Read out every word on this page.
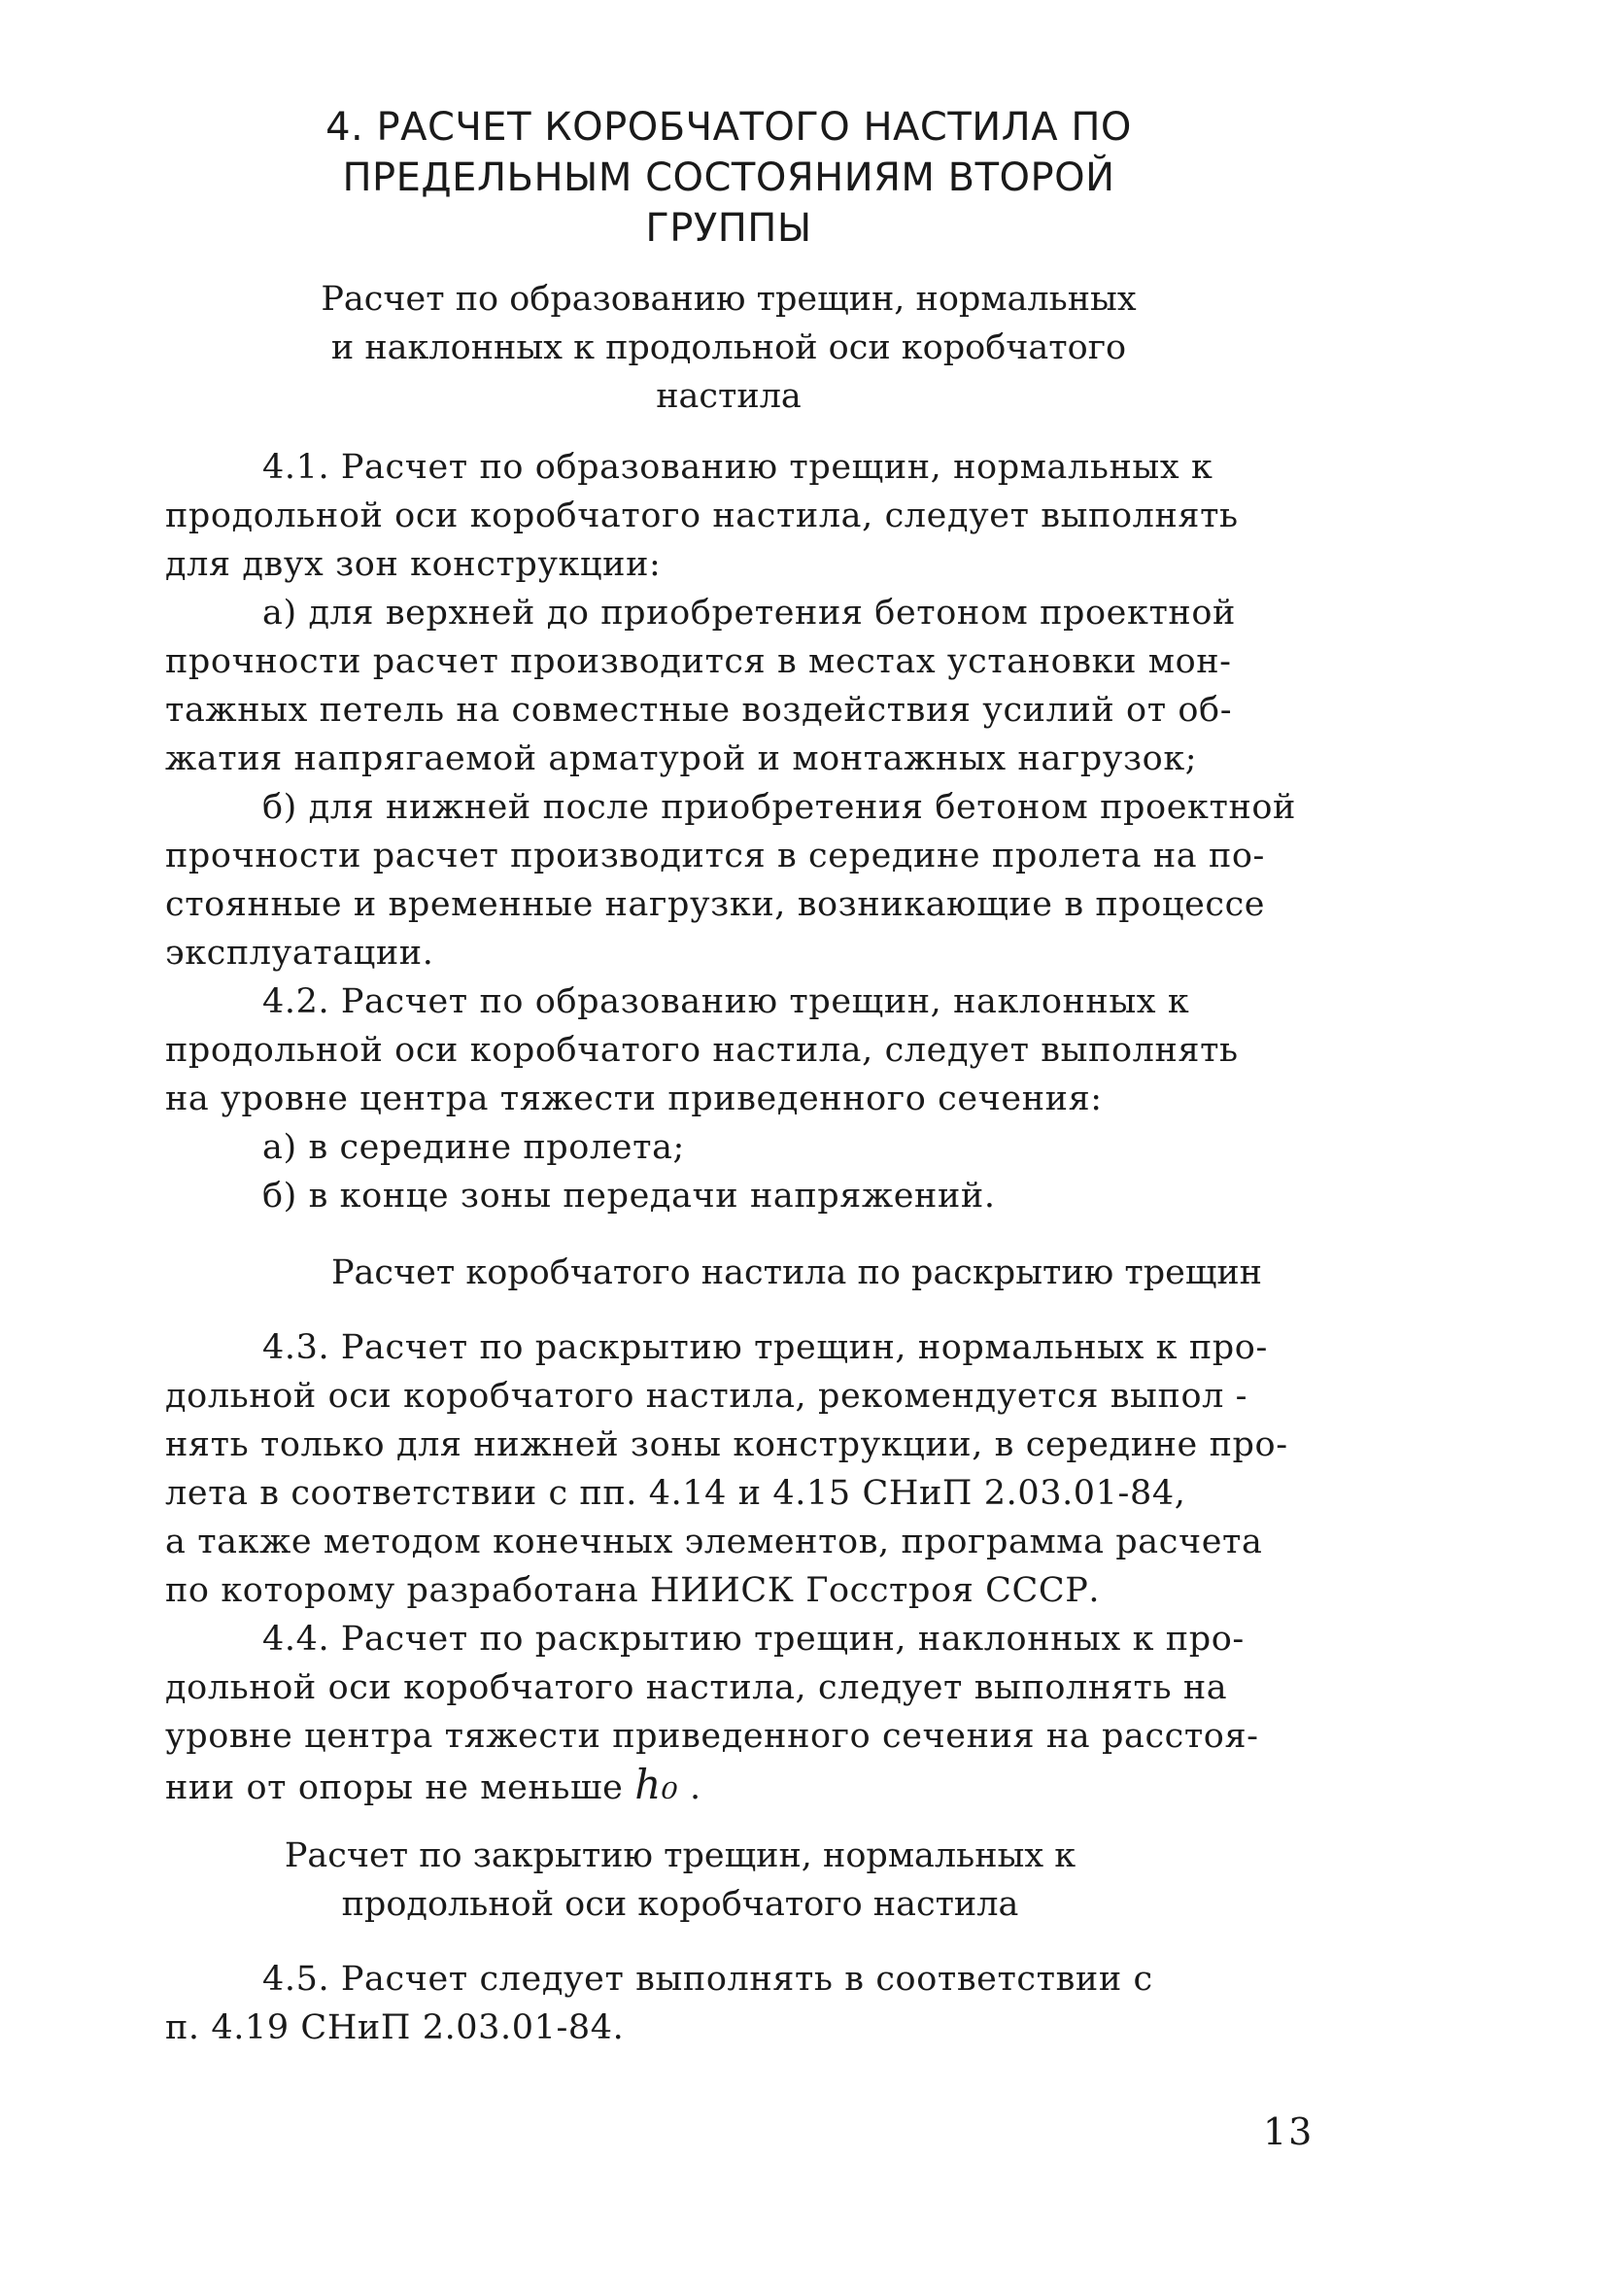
4. РАСЧЕТ КОРОБЧАТОГО НАСТИЛА ПО
ПРЕДЕЛЬНЫМ СОСТОЯНИЯМ ВТОРОЙ
ГРУППЫ
Расчет по образованию трещин, нормальных
и наклонных к продольной оси коробчатого
настила
4.1. Расчет по образованию трещин, нормальных к
продольной оси коробчатого настила, следует выполнять
для двух зон конструкции:
а) для верхней до приобретения бетоном проектной
прочности расчет производится в местах установки мон-
тажных петель на совместные воздействия усилий от об-
жатия напрягаемой арматурой и монтажных нагрузок;
б) для нижней после приобретения бетоном проектной
прочности расчет производится в середине пролета на по-
стоянные и временные нагрузки, возникающие в процессе
эксплуатации.
4.2. Расчет по образованию трещин, наклонных к
продольной оси коробчатого настила, следует выполнять
на уровне центра тяжести приведенного сечения:
а) в середине пролета;
б) в конце зоны передачи напряжений.
Расчет коробчатого настила по раскрытию трещин
4.3. Расчет по раскрытию трещин, нормальных к про-
дольной оси коробчатого настила, рекомендуется выпол -
нять только для нижней зоны конструкции, в середине про-
лета в соответствии с пп. 4.14 и 4.15 СНиП 2.03.01-84,
а также методом конечных элементов, программа расчета
по которому разработана НИИСК Госстроя СССР.
4.4. Расчет по раскрытию трещин, наклонных к про-
дольной оси коробчатого настила, следует выполнять на
уровне центра тяжести приведенного сечения на расстоя-
нии от опоры не меньше h₀ .
Расчет по закрытию трещин, нормальных к
продольной оси коробчатого настила
4.5. Расчет следует выполнять в соответствии с
п. 4.19 СНиП 2.03.01-84.
13
